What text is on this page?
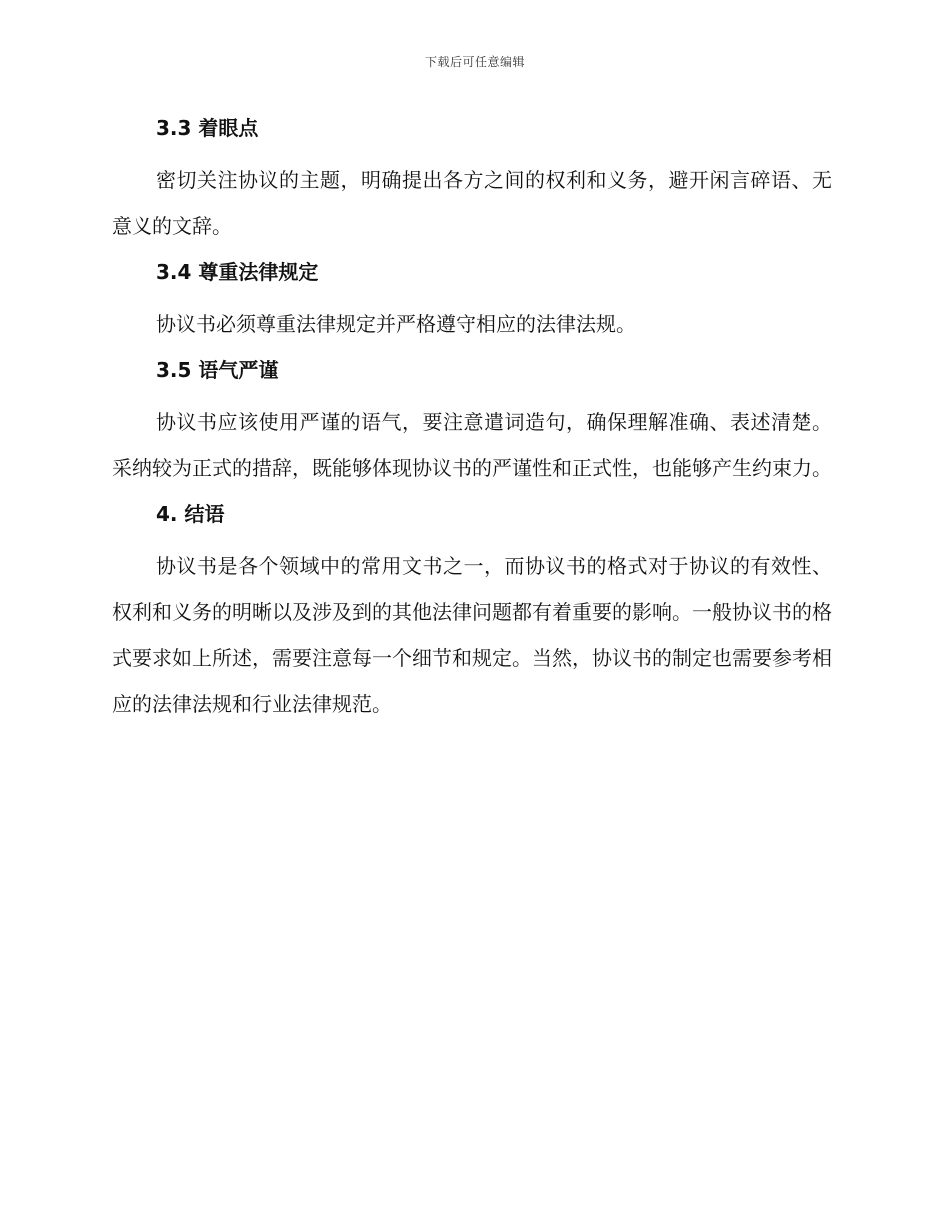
下载后可任意编辑
3.3 着眼点

密切关注协议的主题，明确提出各方之间的权利和义务，避开闲言碎语、无意义的文辞。

3.4 尊重法律规定

协议书必须尊重法律规定并严格遵守相应的法律法规。

3.5 语气严谨

协议书应该使用严谨的语气，要注意遣词造句，确保理解准确、表述清楚。采纳较为正式的措辞，既能够体现协议书的严谨性和正式性，也能够产生约束力。

4. 结语

协议书是各个领域中的常用文书之一，而协议书的格式对于协议的有效性、权利和义务的明晰以及涉及到的其他法律问题都有着重要的影响。一般协议书的格式要求如上所述，需要注意每一个细节和规定。当然，协议书的制定也需要参考相应的法律法规和行业法律规范。
